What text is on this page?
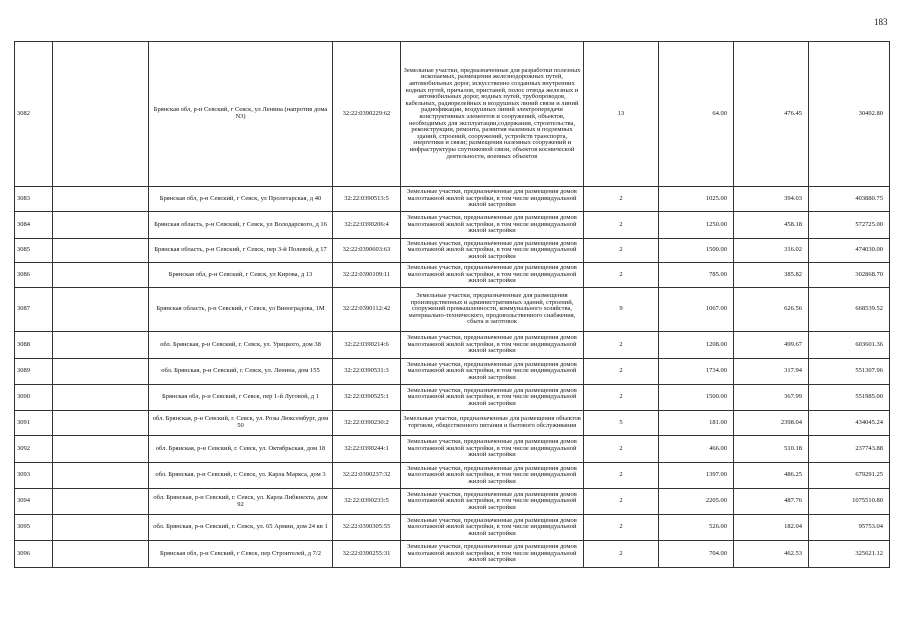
183
3082		Брянская обл, р-н Севский, г Севск, ул Ленина (напротив дома N3)	32:22:0390229:62	Земельные участки, предназначенные для разработки полезных ископаемых, размещения железнодорожных путей, автомобильных дорог, искусственно созданных внутренних водных путей, причалов, пристаней, полос отвода железных и автомобильных дорог, водных путей, трубопроводов, кабельных, радиорелейных и воздушных линий связи и линий радиофикации, воздушных линий электропередачи конструктивных элементов и сооружений, объектов, необходимых для эксплуатации,содержания, строительства, реконструкции, ремонта, развития наземных и подземных зданий, строений, сооружений, устройств транспорта, энергетики и связи; размещения наземных сооружений и инфраструктуры спутниковой связи, объектов космической деятельности, военных объектов	13	64.00	476.45	30492.80
3083		Брянская обл, р-н Севский, г Севск, ул Пролетарская, д 40	32:22:0390513:5	Земельные участки, предназначенные для размещения домов малоэтажной жилой застройки, в том числе индивидуальной жилой застройки	2	1025.00	394.03	403880.75
3084		Брянская область, р-н Севский, г Севск, ул Володарского, д 16	32:22:0390206:4	Земельные участки, предназначенные для размещения домов малоэтажной жилой застройки, в том числе индивидуальной жилой застройки	2	1250.00	458.18	572725.00
3085		Брянская область, р-н Севский, г Севск, пер 3-й Полевой, д 17	32:22:0390603:63	Земельные участки, предназначенные для размещения домов малоэтажной жилой застройки, в том числе индивидуальной жилой застройки	2	1500.00	316.02	474030.00
3086		Брянская обл, р-н Севский, г Севск, ул Кирова, д 13	32:22:0390109:11	Земельные участки, предназначенные для размещения домов малоэтажной жилой застройки, в том числе индивидуальной жилой застройки	2	785.00	385.82	302868.70
3087		Брянская область, р-н Севский, г Севск, ул Виноградова, 1М	32:22:0390112:42	Земельные участки, предназначенные для размещения производственных и административных зданий, строений, сооружений промышленности, коммунального хозяйства, материально-технического, продовольственного снабжения, сбыта и заготовок	9	1067.00	626.56	668539.52
3088		обл. Брянская, р-н Севский, г. Севск, ул. Урицкого, дом 38	32:22:0390214:6	Земельные участки, предназначенные для размещения домов малоэтажной жилой застройки, в том числе индивидуальной жилой застройки	2	1208.00	499.67	603601.36
3089		обл. Брянская, р-н Севский, г. Севск, ул. Ленина, дом 155	32:22:0390531:3	Земельные участки, предназначенные для размещения домов малоэтажной жилой застройки, в том числе индивидуальной жилой застройки	2	1734.00	317.94	551307.96
3090		Брянская обл, р-н Севский, г Севск, пер 1-й Луговой, д 1	32:22:0390525:1	Земельные участки, предназначенные для размещения домов малоэтажной жилой застройки, в том числе индивидуальной жилой застройки	2	1500.00	367.99	551985.00
3091		обл. Брянская, р-н Севский, г. Севск, ул. Розы Люксембург, дом 50	32:22:0390230:2	Земельные участки, предназначенные для размещения объектов торговли, общественного питания и бытового обслуживания	5	181.00	2398.04	434045.24
3092		обл. Брянская, р-н Севский, г. Севск, ул. Октябрьская, дом 18	32:22:0390244:1	Земельные участки, предназначенные для размещения домов малоэтажной жилой застройки, в том числе индивидуальной жилой застройки	2	466.00	510.18	237743.88
3093		обл. Брянская, р-н Севский, г. Севск, ул. Карла Маркса, дом 3	32:22:0390237:32	Земельные участки, предназначенные для размещения домов малоэтажной жилой застройки, в том числе индивидуальной жилой застройки	2	1397.00	486.25	679291.25
3094		обл. Брянская, р-н Севский, г. Севск, ул. Карла Либкнехта, дом 92	32:22:0390233:5	Земельные участки, предназначенные для размещения домов малоэтажной жилой застройки, в том числе индивидуальной жилой застройки	2	2205.00	487.76	1075510.80
3095		обл. Брянская, р-н Севский, г. Севск, ул. 65 Армии, дом 24 кв 1	32:22:0390305:55	Земельные участки, предназначенные для размещения домов малоэтажной жилой застройки, в том числе индивидуальной жилой застройки	2	526.00	182.04	95753.04
3096		Брянская обл, р-н Севский, г Севск, пер Строителей, д 7/2	32:22:0390255:31	Земельные участки, предназначенные для размещения домов малоэтажной жилой застройки, в том числе индивидуальной жилой застройки	2	704.00	462.53	325621.12
